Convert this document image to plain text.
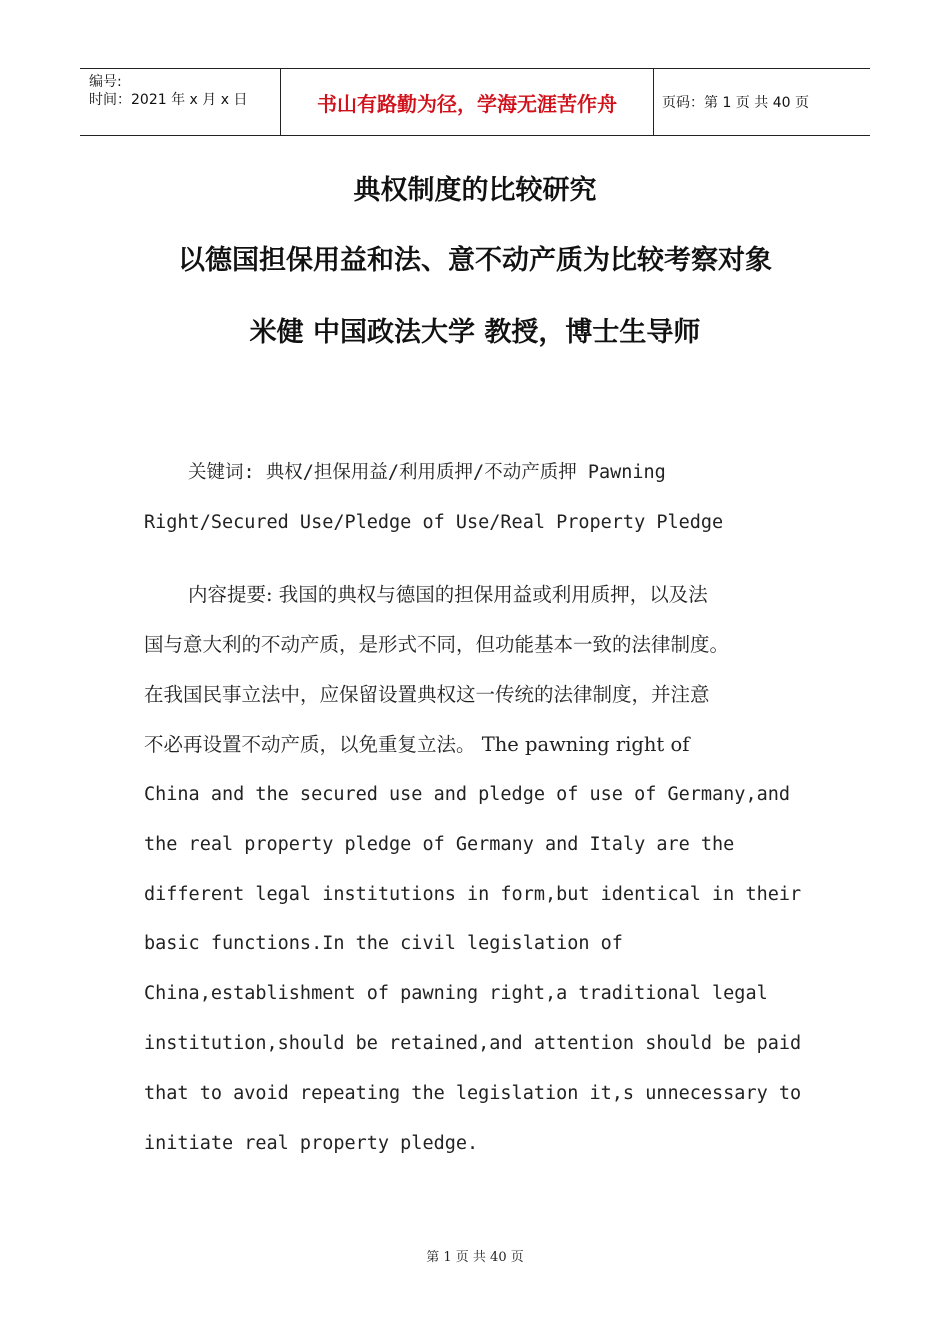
编号:
时间：2021 年 x 月 x 日	书山有路勤为径，学海无涯苦作舟	页码：第 1 页 共 40 页
典权制度的比较研究
以德国担保用益和法、意不动产质为比较考察对象
米健 中国政法大学 教授，博士生导师
关键词: 典权/担保用益/利用质押/不动产质押 Pawning
Right/Secured Use/Pledge of Use/Real Property Pledge
内容提要: 我国的典权与德国的担保用益或利用质押，以及法
国与意大利的不动产质，是形式不同，但功能基本一致的法律制度。
在我国民事立法中，应保留设置典权这一传统的法律制度，并注意
不必再设置不动产质，以免重复立法。 The pawning right of
China and the secured use and pledge of use of Germany,and
the real property pledge of Germany and Italy are the
different legal institutions in form,but identical in their
basic functions.In the civil legislation of
China,establishment of pawning right,a traditional legal
institution,should be retained,and attention should be paid
that to avoid repeating the legislation it,s unnecessary to
initiate real property pledge.
第 1 页 共 40 页
